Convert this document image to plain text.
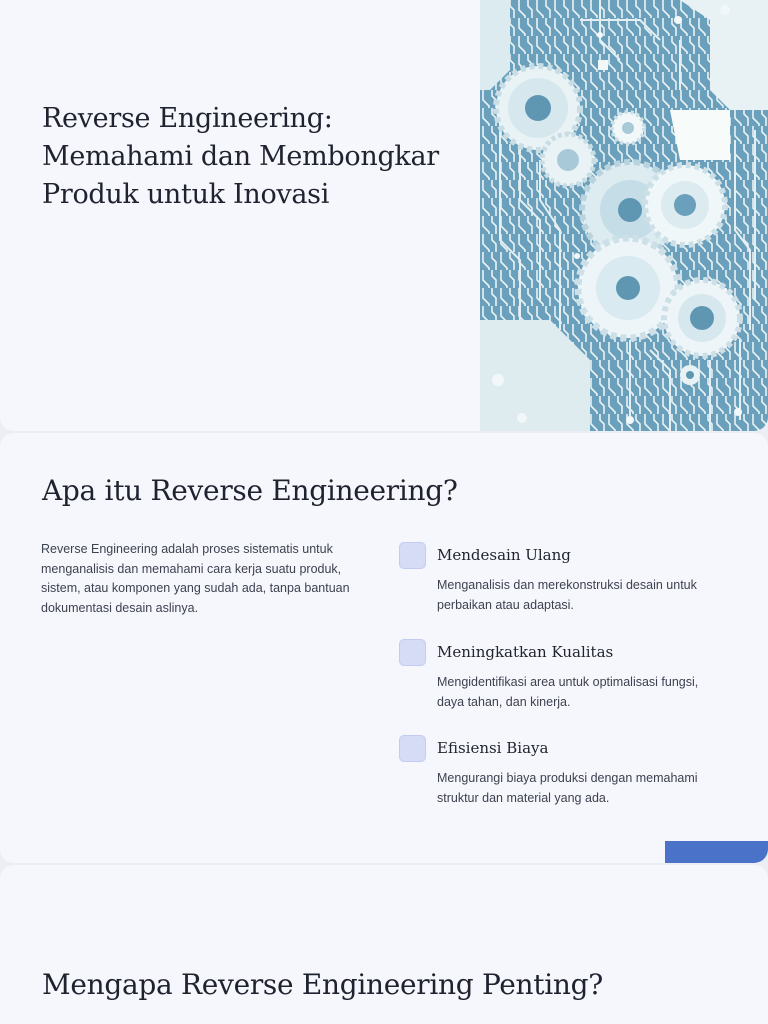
Reverse Engineering: Memahami dan Membongkar Produk untuk Inovasi
Apa itu Reverse Engineering?

Reverse Engineering adalah proses sistematis untuk menganalisis dan memahami cara kerja suatu produk, sistem, atau komponen yang sudah ada, tanpa bantuan dokumentasi desain aslinya.

Mendesain Ulang

Menganalisis dan merekonstruksi desain untuk perbaikan atau adaptasi.

Meningkatkan Kualitas

Mengidentifikasi area untuk optimalisasi fungsi, daya tahan, dan kinerja.

Efisiensi Biaya

Mengurangi biaya produksi dengan memahami struktur dan material yang ada.

Mengapa Reverse Engineering Penting?
